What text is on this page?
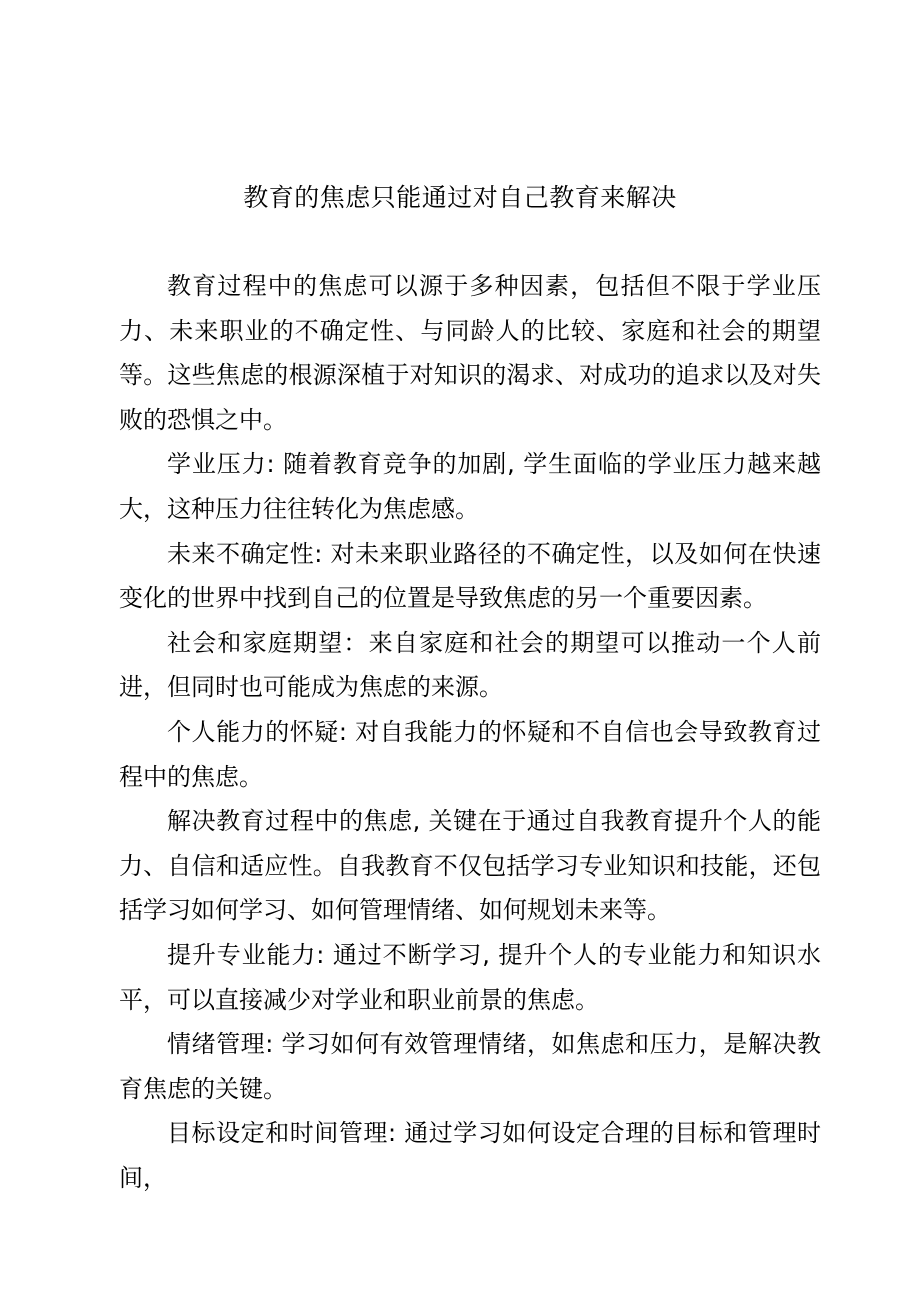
教育的焦虑只能通过对自己教育来解决

教育过程中的焦虑可以源于多种因素，包括但不限于学业压力、未来职业的不确定性、与同龄人的比较、家庭和社会的期望等。这些焦虑的根源深植于对知识的渴求、对成功的追求以及对失败的恐惧之中。

学业压力: 随着教育竞争的加剧, 学生面临的学业压力越来越大，这种压力往往转化为焦虑感。

未来不确定性: 对未来职业路径的不确定性，以及如何在快速变化的世界中找到自己的位置是导致焦虑的另一个重要因素。

社会和家庭期望：来自家庭和社会的期望可以推动一个人前进，但同时也可能成为焦虑的来源。

个人能力的怀疑: 对自我能力的怀疑和不自信也会导致教育过程中的焦虑。

解决教育过程中的焦虑, 关键在于通过自我教育提升个人的能力、自信和适应性。自我教育不仅包括学习专业知识和技能，还包括学习如何学习、如何管理情绪、如何规划未来等。

提升专业能力: 通过不断学习, 提升个人的专业能力和知识水平，可以直接减少对学业和职业前景的焦虑。

情绪管理: 学习如何有效管理情绪，如焦虑和压力，是解决教育焦虑的关键。

目标设定和时间管理: 通过学习如何设定合理的目标和管理时间，
